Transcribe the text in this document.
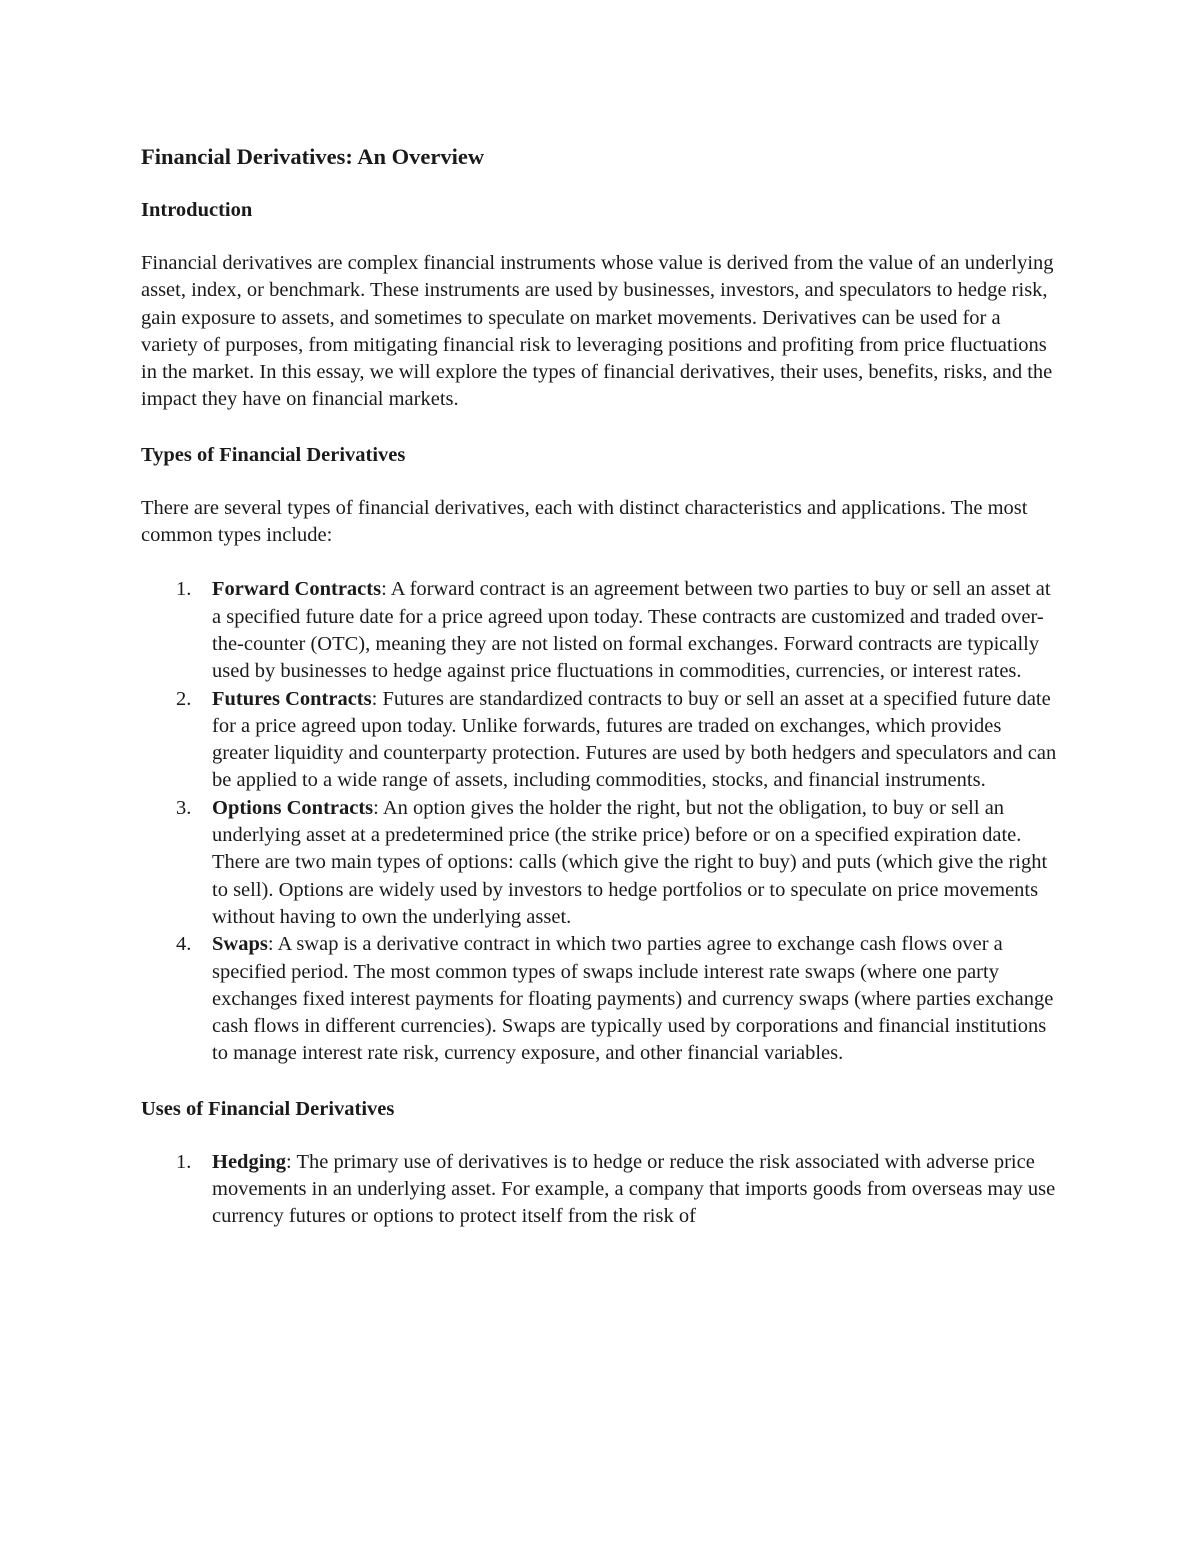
Financial Derivatives: An Overview
Introduction

Financial derivatives are complex financial instruments whose value is derived from the value of an underlying asset, index, or benchmark. These instruments are used by businesses, investors, and speculators to hedge risk, gain exposure to assets, and sometimes to speculate on market movements. Derivatives can be used for a variety of purposes, from mitigating financial risk to leveraging positions and profiting from price fluctuations in the market. In this essay, we will explore the types of financial derivatives, their uses, benefits, risks, and the impact they have on financial markets.

Types of Financial Derivatives

There are several types of financial derivatives, each with distinct characteristics and applications. The most common types include:

1. Forward Contracts: A forward contract is an agreement between two parties to buy or sell an asset at a specified future date for a price agreed upon today. These contracts are customized and traded over-the-counter (OTC), meaning they are not listed on formal exchanges. Forward contracts are typically used by businesses to hedge against price fluctuations in commodities, currencies, or interest rates.
2. Futures Contracts: Futures are standardized contracts to buy or sell an asset at a specified future date for a price agreed upon today. Unlike forwards, futures are traded on exchanges, which provides greater liquidity and counterparty protection. Futures are used by both hedgers and speculators and can be applied to a wide range of assets, including commodities, stocks, and financial instruments.
3. Options Contracts: An option gives the holder the right, but not the obligation, to buy or sell an underlying asset at a predetermined price (the strike price) before or on a specified expiration date. There are two main types of options: calls (which give the right to buy) and puts (which give the right to sell). Options are widely used by investors to hedge portfolios or to speculate on price movements without having to own the underlying asset.
4. Swaps: A swap is a derivative contract in which two parties agree to exchange cash flows over a specified period. The most common types of swaps include interest rate swaps (where one party exchanges fixed interest payments for floating payments) and currency swaps (where parties exchange cash flows in different currencies). Swaps are typically used by corporations and financial institutions to manage interest rate risk, currency exposure, and other financial variables.
Uses of Financial Derivatives
1. Hedging: The primary use of derivatives is to hedge or reduce the risk associated with adverse price movements in an underlying asset. For example, a company that imports goods from overseas may use currency futures or options to protect itself from the risk of
